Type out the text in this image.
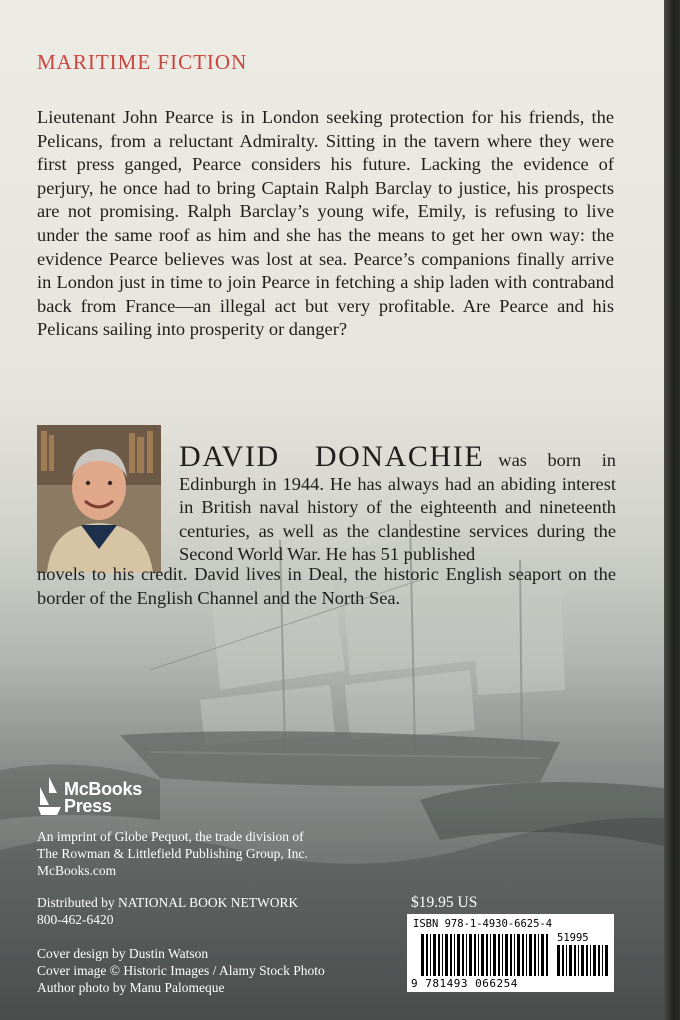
MARITIME FICTION

Lieutenant John Pearce is in London seeking protection for his friends, the Pelicans, from a reluctant Admiralty. Sitting in the tavern where they were first press ganged, Pearce considers his future. Lacking the evidence of perjury, he once had to bring Captain Ralph Barclay to justice, his prospects are not promising. Ralph Barclay’s young wife, Emily, is refusing to live under the same roof as him and she has the means to get her own way: the evidence Pearce believes was lost at sea. Pearce’s companions finally arrive in London just in time to join Pearce in fetching a ship laden with contraband back from France—an illegal act but very profitable. Are Pearce and his Pelicans sailing into prosperity or danger?

DAVID DONACHIE was born in Edinburgh in 1944. He has always had an abiding interest in British naval history of the eighteenth and nineteenth centuries, as well as the clandestine services during the Second World War. He has 51 published

novels to his credit. David lives in Deal, the historic English seaport on the border of the English Channel and the North Sea.

McBooks
Press
An imprint of Globe Pequot, the trade division of
The Rowman & Littlefield Publishing Group, Inc.
McBooks.com
Distributed by NATIONAL BOOK NETWORK
800-462-6420
Cover design by Dustin Watson
Cover image © Historic Images / Alamy Stock Photo
Author photo by Manu Palomeque
$19.95 US
ISBN 978-1-4930-6625-4
9 781493 066254
51995
